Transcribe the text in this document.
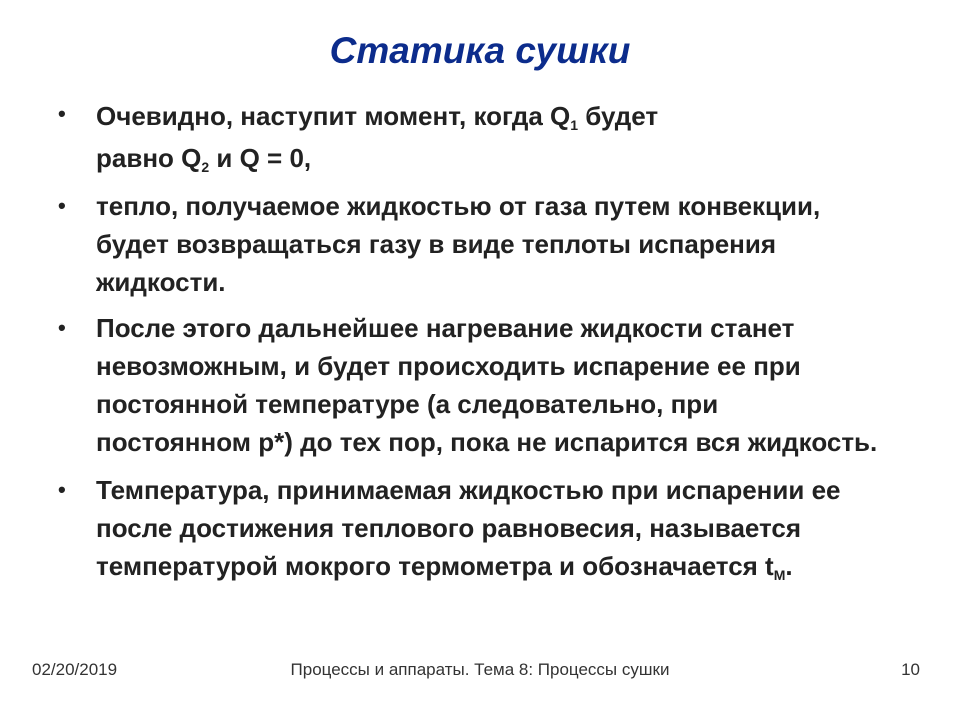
Статика сушки
• Очевидно, наступит момент, когда $Q_1$ будет
равно $Q_2$ и Q = 0,
• тепло, получаемое жидкостью от газа путем конвекции, будет возвращаться газу в виде теплоты испарения жидкости.
• После этого дальнейшее нагревание жидкости станет невозможным, и будет происходить испарение ее при постоянной температуре (а следовательно, при постоянном p*) до тех пор, пока не испарится вся жидкость.
• Температура, принимаемая жидкостью при испарении ее после достижения теплового равновесия, называется температурой мокрого термометра и обозначается $t_M$.
02/20/2019	Процессы и аппараты. Тема 8: Процессы сушки	10
